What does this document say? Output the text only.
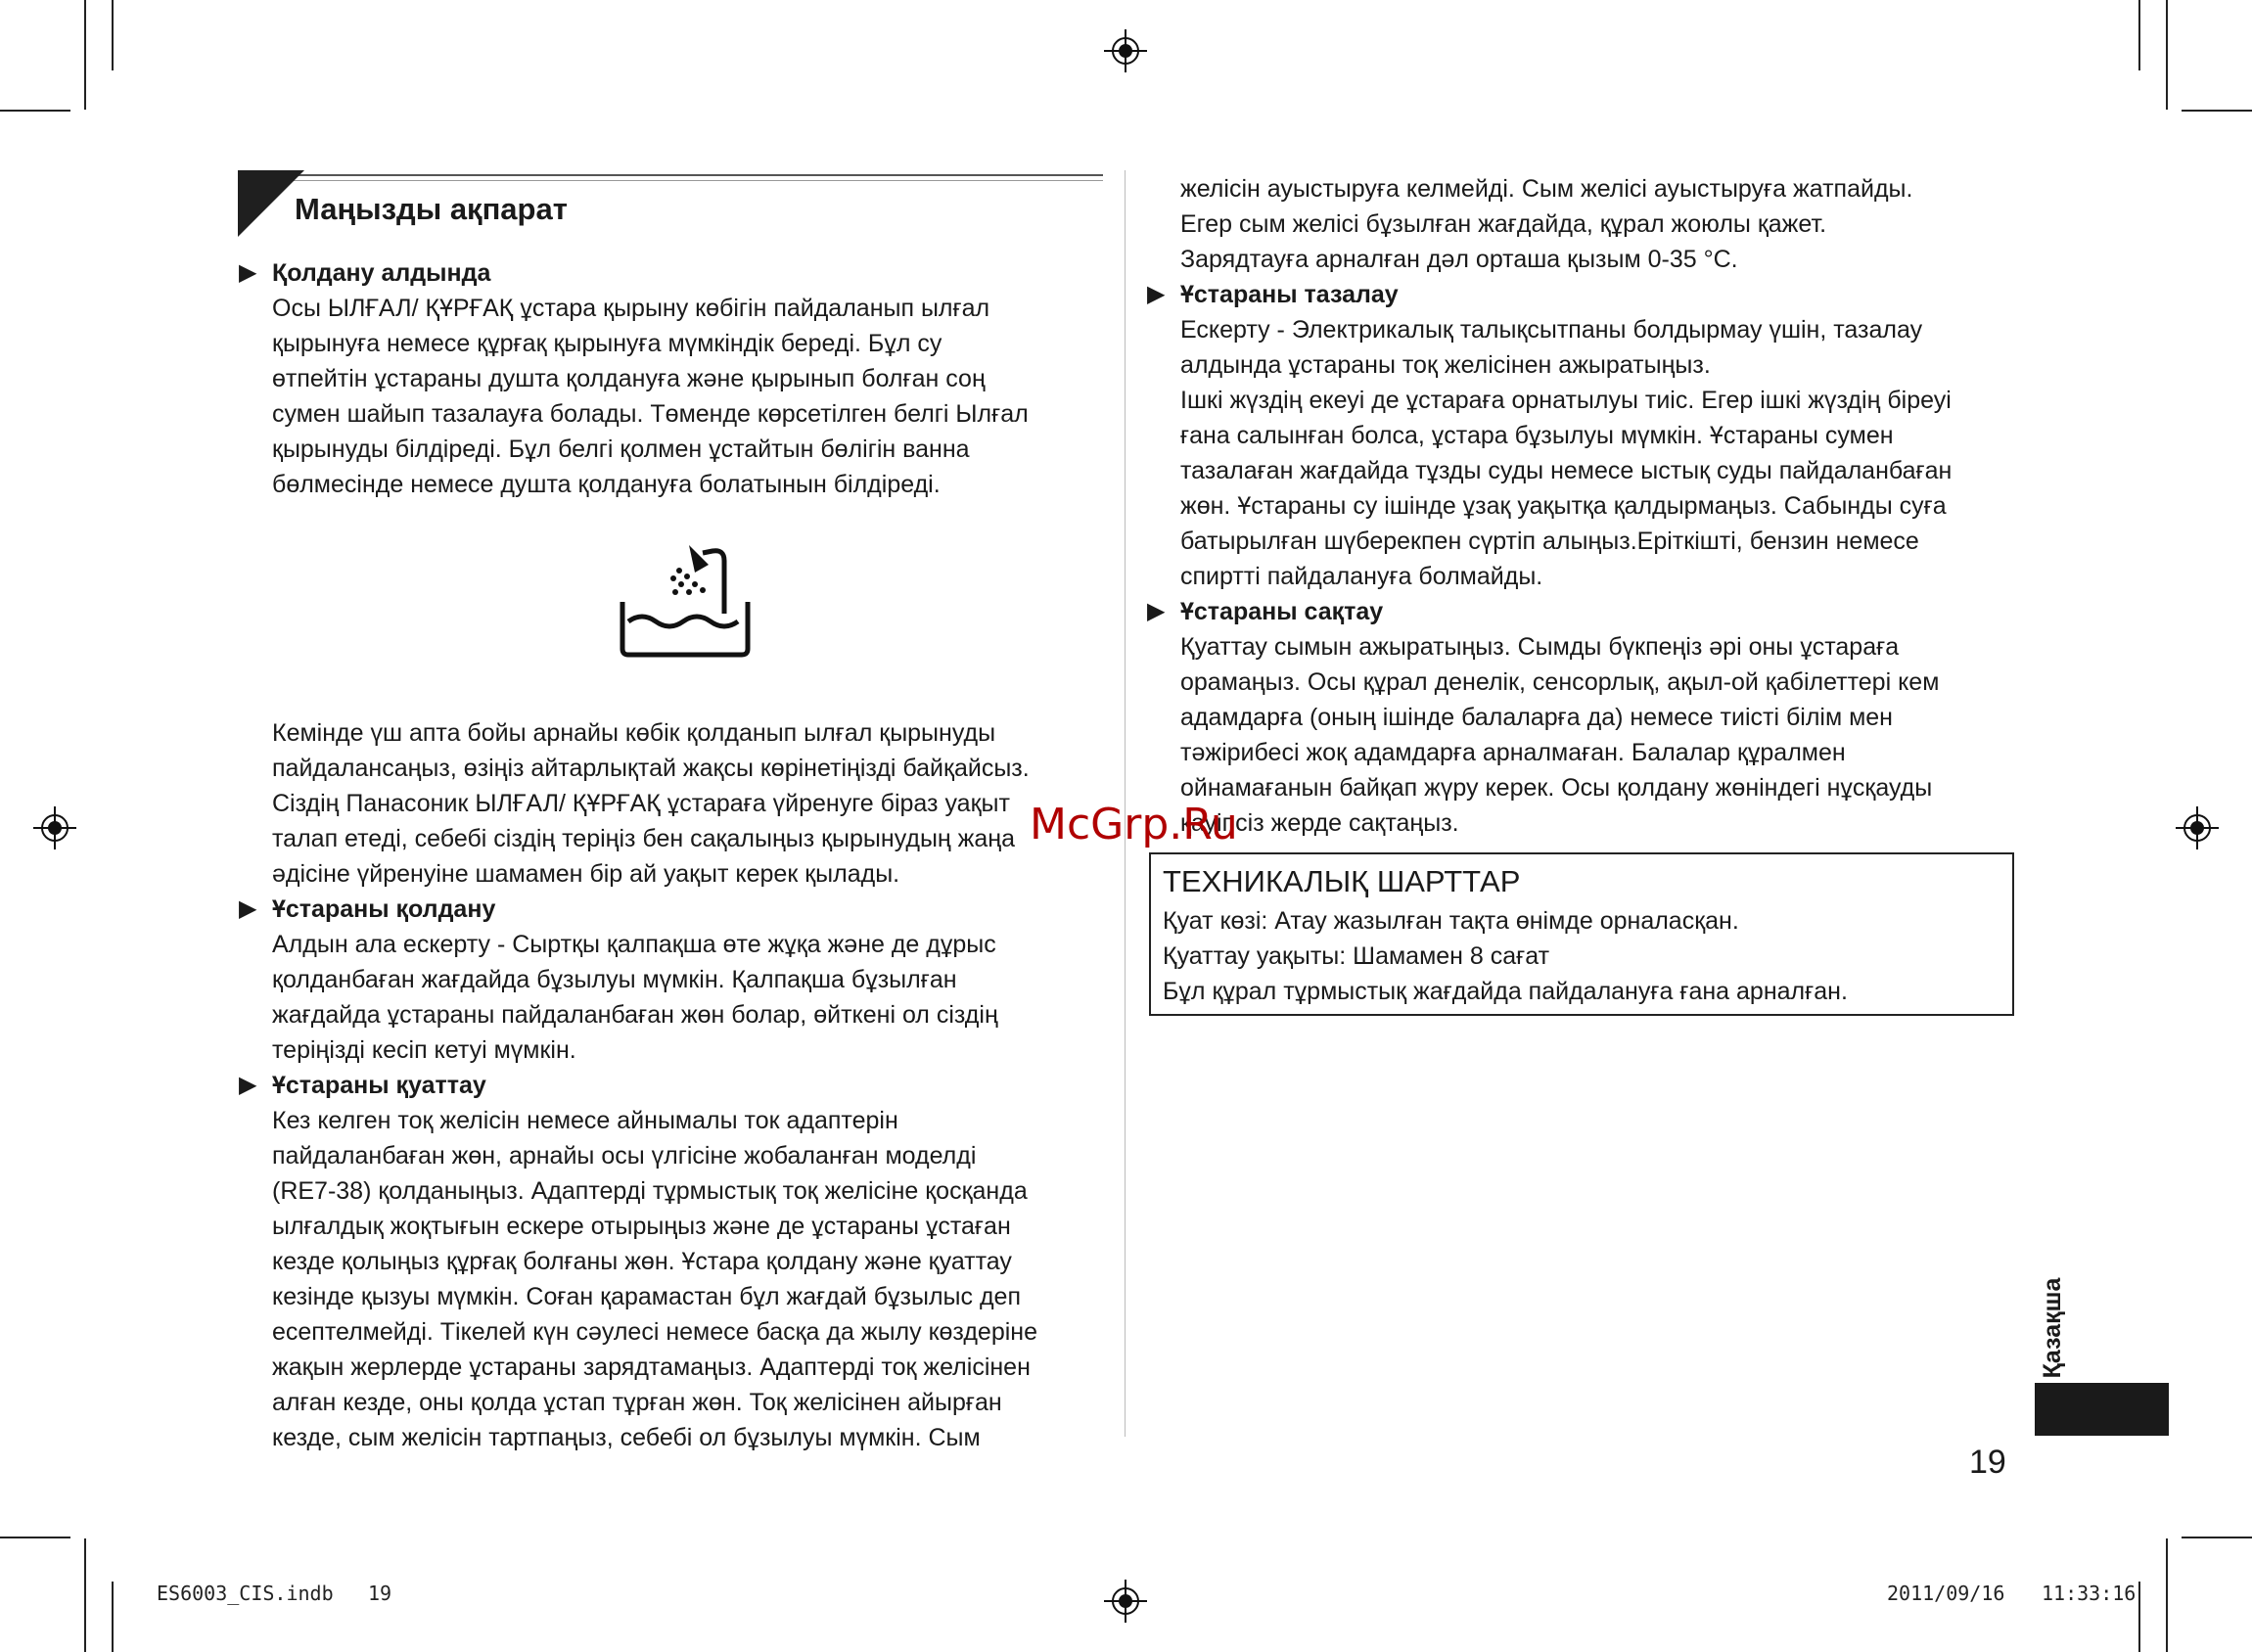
Маңызды ақпарат

▶ Қолдану алдында

Осы ЫЛҒАЛ/ ҚҰРҒАҚ ұстара қырыну көбігін пайдаланып ылғал

қырынуға немесе құрғақ қырынуға мүмкіндік береді. Бұл су

өтпейтін ұстараны душта қолдануға және қырынып болған соң

сумен шайып тазалауға болады. Төменде көрсетілген белгі Ылғал

қырынуды білдіреді. Бұл белгі қолмен ұстайтын бөлігін ванна

бөлмесінде немесе душта қолдануға болатынын білдіреді.

Кемінде үш апта бойы арнайы көбік қолданып ылғал қырынуды

пайдалансаңыз, өзіңіз айтарлықтай жақсы көрінетіңізді байқайсыз.

Сіздің Панасоник ЫЛҒАЛ/ ҚҰРҒАҚ ұстараға үйренуге біраз уақыт

талап етеді, себебі сіздің теріңіз бен сақалыңыз қырынудың жаңа

әдісіне үйренуіне шамамен бір ай уақыт керек қылады.

▶ Ұстараны қолдану

Алдын ала ескерту - Сыртқы қалпақша өте жұқа және де дұрыс

қолданбаған жағдайда бұзылуы мүмкін. Қалпақша бұзылған

жағдайда ұстараны пайдаланбаған жөн болар, өйткені ол сіздің

теріңізді кесіп кетуі мүмкін.

▶ Ұстараны қуаттау

Кез келген тоқ желісін немесе айнымалы ток адаптерін

пайдаланбаған жөн, арнайы осы үлгісіне жобаланған моделді

(RE7-38) қолданыңыз. Адаптерді тұрмыстық тоқ желісіне қосқанда

ылғалдық жоқтығын ескере отырыңыз және де ұстараны ұстаған

кезде қолыңыз құрғақ болғаны жөн. Ұстара қолдану және қуаттау

кезінде қызуы мүмкін. Соған қарамастан бұл жағдай бұзылыс деп

есептелмейді. Тікелей күн сәулесі немесе басқа да жылу көздеріне

жақын жерлерде ұстараны зарядтамаңыз. Адаптерді тоқ желісінен

алған кезде, оны қолда ұстап тұрған жөн. Тоқ желісінен айырған

кезде, сым желісін тартпаңыз, себебі ол бұзылуы мүмкін. Сым

желісін ауыстыруға келмейді. Сым желісі ауыстыруға жатпайды.

Егер сым желісі бұзылған жағдайда, құрал жоюлы қажет.

Зарядтауға арналған дәл орташа қызым 0-35 °C.

▶ Ұстараны тазалау

Ескерту - Электрикалық талықсытпаны болдырмау үшін, тазалау

алдында ұстараны тоқ желісінен ажыратыңыз.

Ішкі жүздің екеуі де ұстараға орнатылуы тиіс. Егер ішкі жүздің біреуі

ғана салынған болса, ұстара бұзылуы мүмкін. Ұстараны сумен

тазалаған жағдайда тұзды суды немесе ыстық суды пайдаланбаған

жөн. Ұстараны су ішінде ұзақ уақытқа қалдырмаңыз. Сабынды суға

батырылған шүберекпен сүртіп алыңыз.Еріткішті, бензин немесе

спиртті пайдалануға болмайды.

▶ Ұстараны сақтау

Қуаттау сымын ажыратыңыз. Сымды бүкпеңіз әрі оны ұстараға

орамаңыз. Осы құрал денелік, сенсорлық, ақыл-ой қабілеттері кем

адамдарға (оның ішінде балаларға да) немесе тиісті білім мен

тәжірибесі жоқ адамдарға арналмаған. Балалар құралмен

ойнамағанын байқап жүру керек. Осы қолдану жөніндегі нұсқауды

қауіпсіз жерде сақтаңыз.

ТЕХНИКАЛЫҚ ШАРТТАР

Қуат көзі: Атау жазылған тақта өнімде орналасқан.

Қуаттау уақыты: Шамамен 8 сағат

Бұл құрал тұрмыстық жағдайда пайдалануға ғана арналған.

McGrp.Ru
Қазақша
19
ES6003_CIS.indb 19	2011/09/16 11:33:16
